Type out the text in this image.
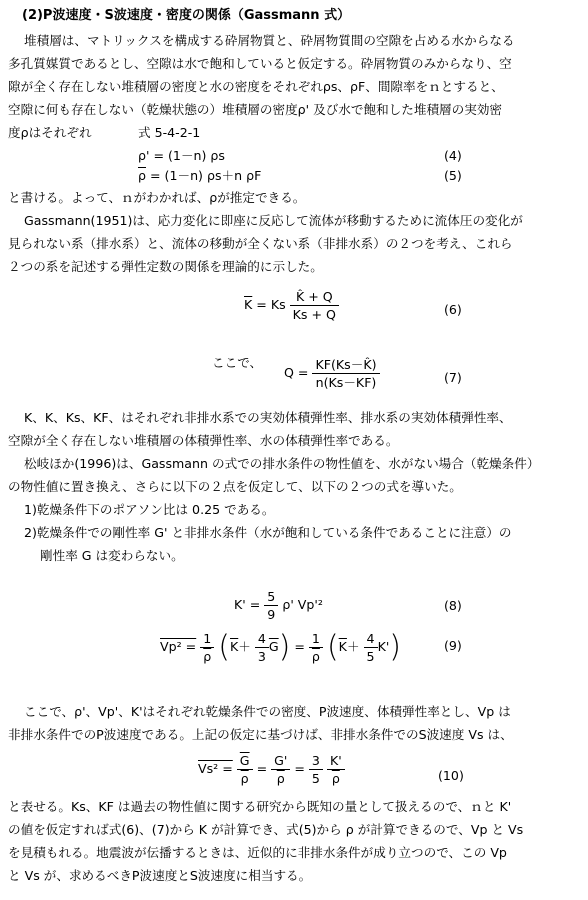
(2)P波速度・S波速度・密度の関係（Gassmann 式）
堆積層は、マトリックスを構成する砕屑物質と、砕屑物質間の空隙を占める水からなる
多孔質媒質であるとし、空隙は水で飽和していると仮定する。砕屑物質のみからなり、空
隙が全く存在しない堆積層の密度と水の密度をそれぞれρs、ρF、間隙率をｎとすると、
空隙に何も存在しない（乾燥状態の）堆積層の密度ρ' 及び水で飽和した堆積層の実効密
度ρはそれぞれ	式 5-4-2-1
ρ' = (1－n) ρs	(4)
$\overline{\rho} = (1-n)$ ρs＋n ρF	(5)
と書ける。よって、ｎがわかれば、ρが推定できる。
Gassmann(1951)は、応力変化に即座に反応して流体が移動するために流体圧の変化が
見られない系（排水系）と、流体の移動が全くない系（非排水系）の２つを考え、これら
２つの系を記述する弾性定数の関係を理論的に示した。
$\overline{K} = Ks \frac{K̂ + Q}{Ks + Q}$	(6)
ここで、
$Q = \frac{KF(Ks-K̂)}{n(Ks-KF)}$	(7)
K、K、Ks、KF、はそれぞれ非排水系での実効体積弾性率、排水系の実効体積弾性率、
空隙が全く存在しない堆積層の体積弾性率、水の体積弾性率である。
松岐ほか(1996)は、Gassmann の式での排水条件の物性値を、水がない場合（乾燥条件）
の物性値に置き換え、さらに以下の２点を仮定して、以下の２つの式を導いた。
1)乾燥条件下のポアソン比は 0.25 である。
2)乾燥条件での剛性率 G' と非排水条件（水が飽和している条件であることに注意）の
剛性率 G は変わらない。
$K' = \frac{5}{9} \rho'$ Vp'²	(8)
$Vp^2 = \frac{1}{\rho} (\overline{K}+ \frac{4}{3} \overline{G}) = \frac{1}{\rho} (\overline{K}+ \frac{4}{5} K')$	(9)
ここで、ρ'、Vp'、K'はそれぞれ乾燥条件での密度、P波速度、体積弾性率とし、Vp は
非排水条件でのP波速度である。上記の仮定に基づけば、非排水条件でのS波速度 Vs は、
$Vs^2 = \frac{\overline{G}}{\rho} = \frac{G'}{\rho} = \frac{3}{5}$
$\frac{K'}{\rho}$	(10)
と表せる。Ks、KF は過去の物性値に関する研究から既知の量として扱えるので、ｎと K'
の値を仮定すれば式(6)、(7)から K が計算でき、式(5)から ρ が計算できるので、Vp と Vs
を見積もれる。地震波が伝播するときは、近似的に非排水条件が成り立つので、この Vp
と Vs が、求めるべきP波速度とS波速度に相当する。
